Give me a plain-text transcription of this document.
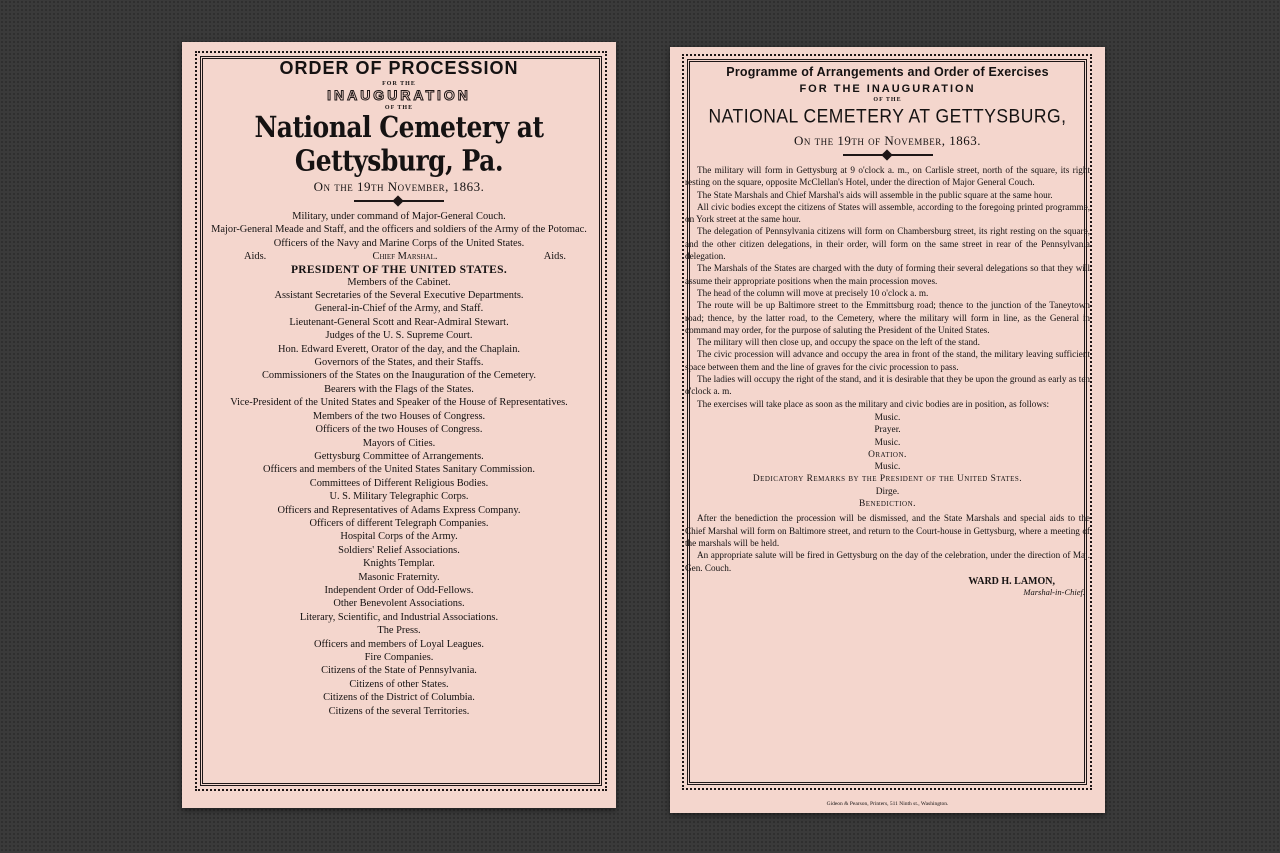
ORDER OF PROCESSION
FOR THE
INAUGURATION
OF THE
National Cemetery at Gettysburg, Pa.
On the 19th November, 1863.
Military, under command of Major-General Couch.
Major-General Meade and Staff, and the officers and soldiers of the Army of the Potomac.
Officers of the Navy and Marine Corps of the United States.
Aids.	Chief Marshal.	Aids.
PRESIDENT OF THE UNITED STATES.
Members of the Cabinet.
Assistant Secretaries of the Several Executive Departments.
General-in-Chief of the Army, and Staff.
Lieutenant-General Scott and Rear-Admiral Stewart.
Judges of the U. S. Supreme Court.
Hon. Edward Everett, Orator of the day, and the Chaplain.
Governors of the States, and their Staffs.
Commissioners of the States on the Inauguration of the Cemetery.
Bearers with the Flags of the States.
Vice-President of the United States and Speaker of the House of Representatives.
Members of the two Houses of Congress.
Officers of the two Houses of Congress.
Mayors of Cities.
Gettysburg Committee of Arrangements.
Officers and members of the United States Sanitary Commission.
Committees of Different Religious Bodies.
U. S. Military Telegraphic Corps.
Officers and Representatives of Adams Express Company.
Officers of different Telegraph Companies.
Hospital Corps of the Army.
Soldiers' Relief Associations.
Knights Templar.
Masonic Fraternity.
Independent Order of Odd-Fellows.
Other Benevolent Associations.
Literary, Scientific, and Industrial Associations.
The Press.
Officers and members of Loyal Leagues.
Fire Companies.
Citizens of the State of Pennsylvania.
Citizens of other States.
Citizens of the District of Columbia.
Citizens of the several Territories.
Programme of Arrangements and Order of Exercises
FOR THE INAUGURATION
OF THE
NATIONAL CEMETERY AT GETTYSBURG,
On the 19th of November, 1863.

The military will form in Gettysburg at 9 o'clock a. m., on Carlisle street, north of the square, its right resting on the square, opposite McClellan's Hotel, under the direction of Major General Couch.

The State Marshals and Chief Marshal's aids will assemble in the public square at the same hour.

All civic bodies except the citizens of States will assemble, according to the foregoing printed programme, on York street at the same hour.

The delegation of Pennsylvania citizens will form on Chambersburg street, its right resting on the square, and the other citizen delegations, in their order, will form on the same street in rear of the Pennsylvania delegation.

The Marshals of the States are charged with the duty of forming their several delegations so that they will assume their appropriate positions when the main procession moves.

The head of the column will move at precisely 10 o'clock a. m.

The route will be up Baltimore street to the Emmittsburg road; thence to the junction of the Taneytown road; thence, by the latter road, to the Cemetery, where the military will form in line, as the General in command may order, for the purpose of saluting the President of the United States.

The military will then close up, and occupy the space on the left of the stand.

The civic procession will advance and occupy the area in front of the stand, the military leaving sufficient space between them and the line of graves for the civic procession to pass.

The ladies will occupy the right of the stand, and it is desirable that they be upon the ground as early as ten o'clock a. m.

The exercises will take place as soon as the military and civic bodies are in position, as follows:

Music.
Prayer.
Music.
Oration.
Music.
Dedicatory Remarks by the President of the United States.
Dirge.
Benediction.

After the benediction the procession will be dismissed, and the State Marshals and special aids to the Chief Marshal will form on Baltimore street, and return to the Court-house in Gettysburg, where a meeting of the marshals will be held.

An appropriate salute will be fired in Gettysburg on the day of the celebration, under the direction of Maj. Gen. Couch.

WARD H. LAMON,
Marshal-in-Chief.
Gideon & Pearson, Printers, 511 Ninth st., Washington.
